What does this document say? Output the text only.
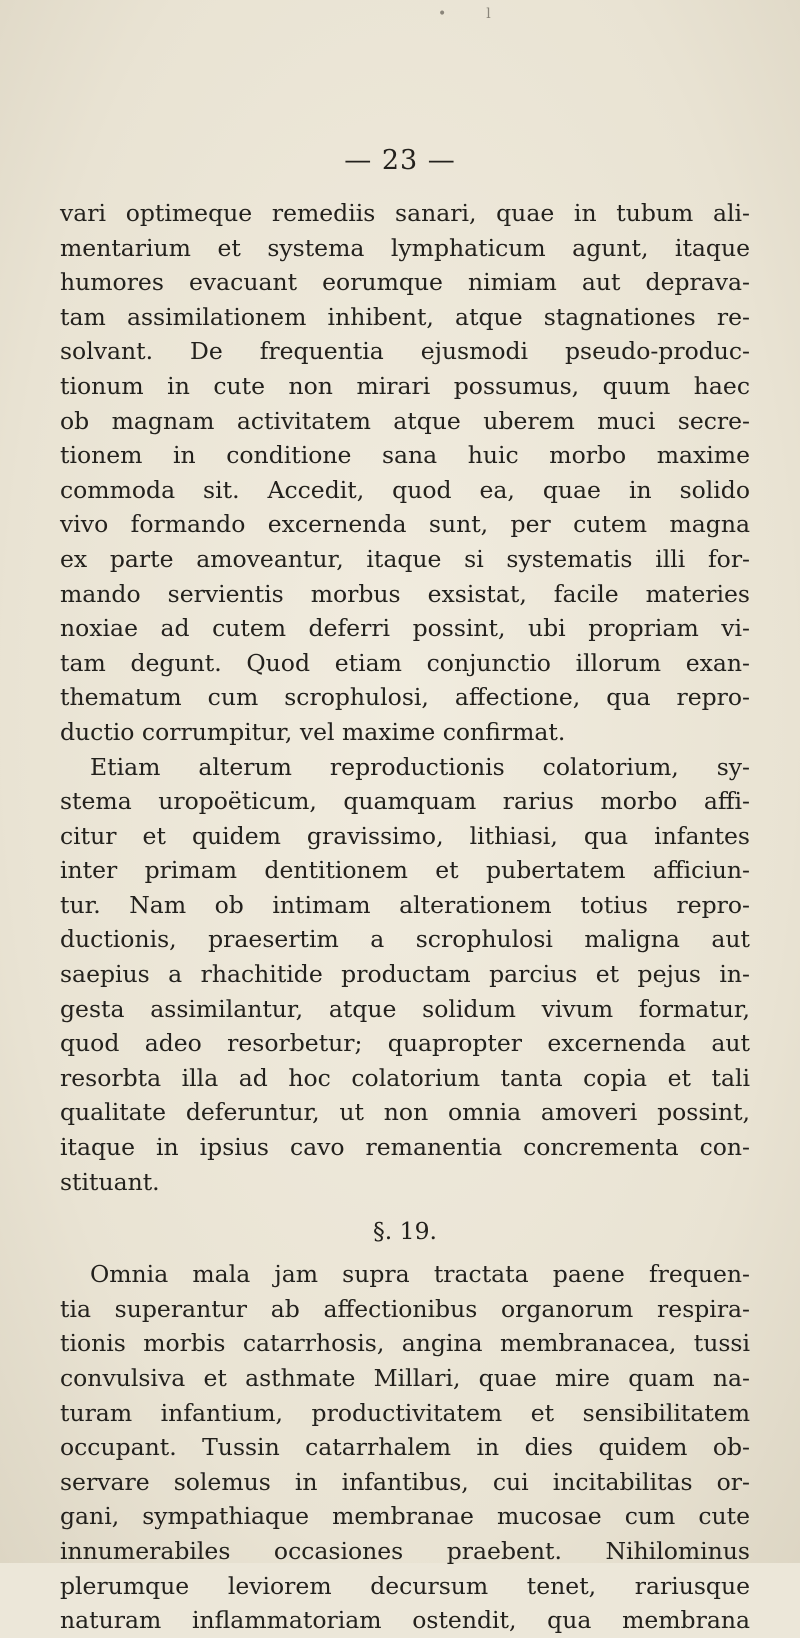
•l
— 23 —
vari optimeque remediis sanari, quae in tubum ali-
mentarium et systema lymphaticum agunt, itaque
humores evacuant eorumque nimiam aut deprava-
tam assimilationem inhibent, atque stagnationes re-
solvant. De frequentia ejusmodi pseudo-produc-
tionum in cute non mirari possumus, quum haec
ob magnam activitatem atque uberem muci secre-
tionem in conditione sana huic morbo maxime
commoda sit. Accedit, quod ea, quae in solido
vivo formando excernenda sunt, per cutem magna
ex parte amoveantur, itaque si systematis illi for-
mando servientis morbus exsistat, facile materies
noxiae ad cutem deferri possint, ubi propriam vi-
tam degunt. Quod etiam conjunctio illorum exan-
thematum cum scrophulosi, affectione, qua repro-
ductio corrumpitur, vel maxime confirmat.
Etiam alterum reproductionis colatorium, sy-
stema uropoëticum, quamquam rarius morbo affi-
citur et quidem gravissimo, lithiasi, qua infantes
inter primam dentitionem et pubertatem afficiun-
tur. Nam ob intimam alterationem totius repro-
ductionis, praesertim a scrophulosi maligna aut
saepius a rhachitide productam parcius et pejus in-
gesta assimilantur, atque solidum vivum formatur,
quod adeo resorbetur; quapropter excernenda aut
resorbta illa ad hoc colatorium tanta copia et tali
qualitate deferuntur, ut non omnia amoveri possint,
itaque in ipsius cavo remanentia concrementa con-
stituant.
§. 19.
Omnia mala jam supra tractata paene frequen-
tia superantur ab affectionibus organorum respira-
tionis morbis catarrhosis, angina membranacea, tussi
convulsiva et asthmate Millari, quae mire quam na-
turam infantium, productivitatem et sensibilitatem
occupant. Tussin catarrhalem in dies quidem ob-
servare solemus in infantibus, cui incitabilitas or-
gani, sympathiaque membranae mucosae cum cute
innumerabiles occasiones praebent. Nihilominus
plerumque leviorem decursum tenet, rariusque
naturam inflammatoriam ostendit, qua membrana
